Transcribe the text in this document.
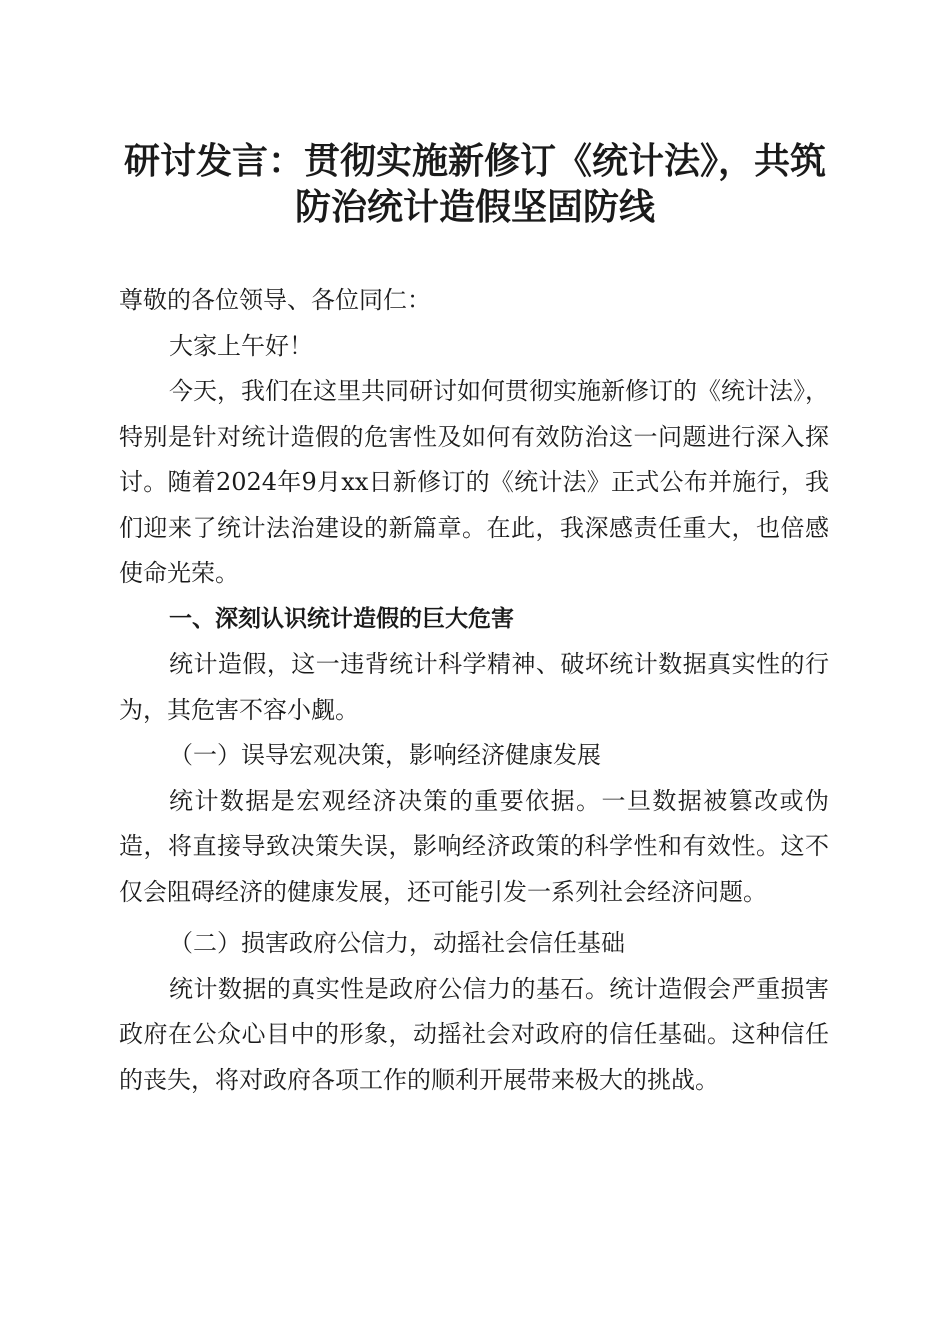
研讨发言：贯彻实施新修订《统计法》，共筑
防治统计造假坚固防线

尊敬的各位领导、各位同仁：

大家上午好！

今天，我们在这里共同研讨如何贯彻实施新修订的《统计法》，特别是针对统计造假的危害性及如何有效防治这一问题进行深入探讨。随着2024年9月xx日新修订的《统计法》正式公布并施行，我们迎来了统计法治建设的新篇章。在此，我深感责任重大，也倍感使命光荣。

一、深刻认识统计造假的巨大危害

统计造假，这一违背统计科学精神、破坏统计数据真实性的行为，其危害不容小觑。

（一）误导宏观决策，影响经济健康发展

统计数据是宏观经济决策的重要依据。一旦数据被篡改或伪造，将直接导致决策失误，影响经济政策的科学性和有效性。这不仅会阻碍经济的健康发展，还可能引发一系列社会经济问题。

（二）损害政府公信力，动摇社会信任基础

统计数据的真实性是政府公信力的基石。统计造假会严重损害政府在公众心目中的形象，动摇社会对政府的信任基础。这种信任的丧失，将对政府各项工作的顺利开展带来极大的挑战。
